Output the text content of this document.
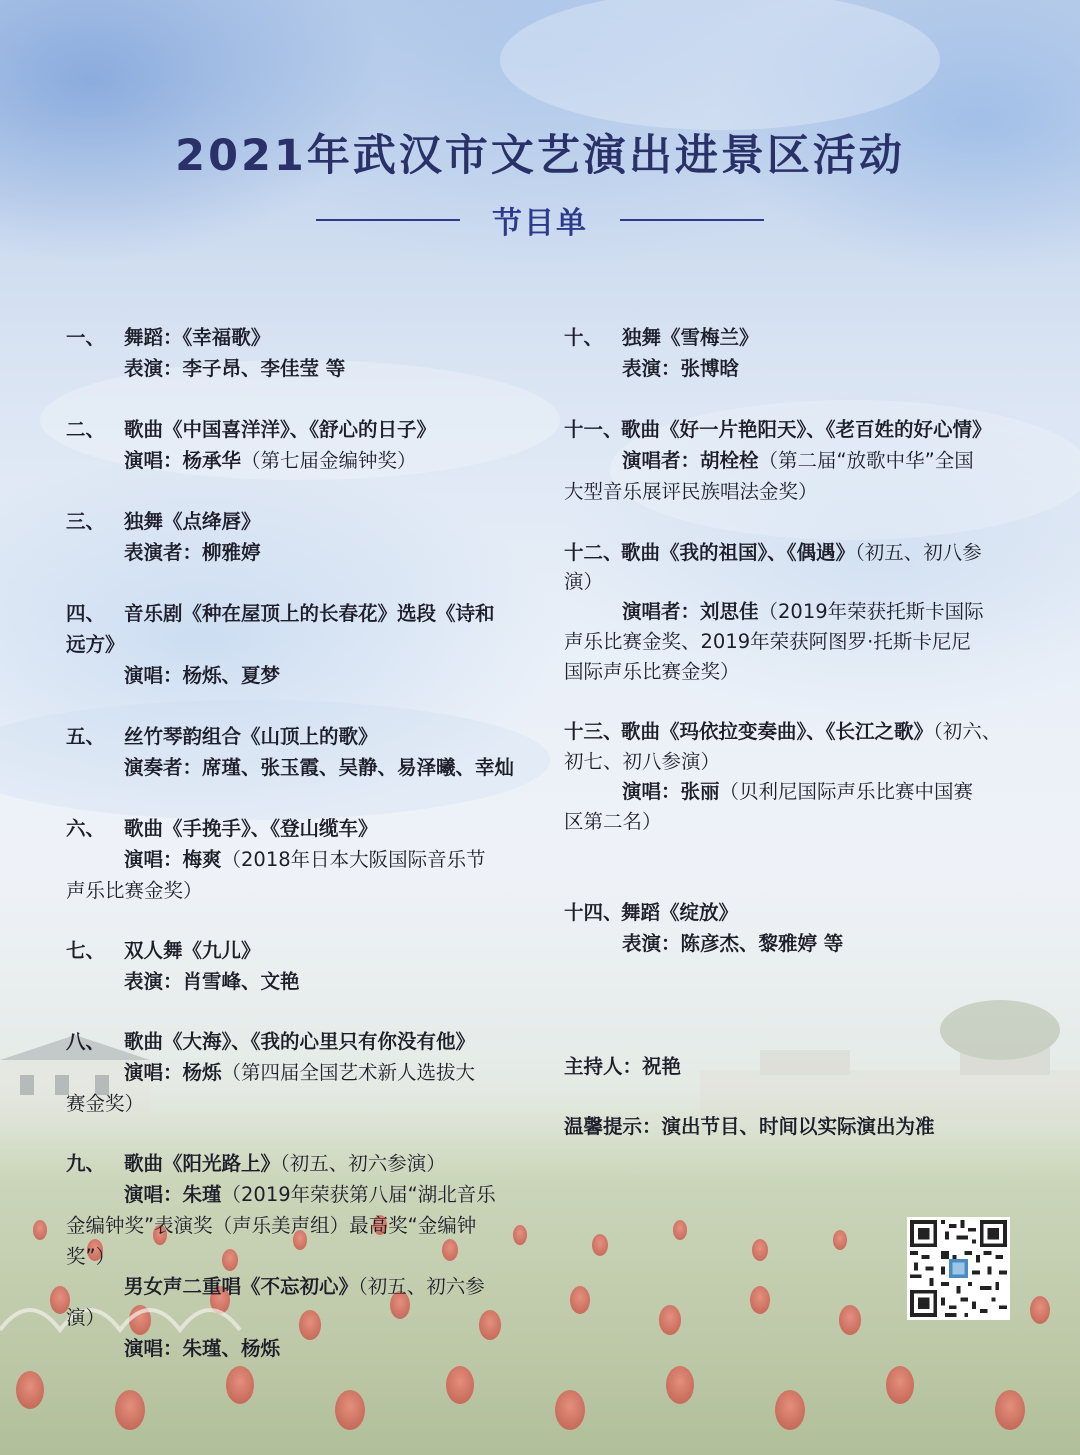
2021年武汉市文艺演出进景区活动
节目单
一、 舞蹈：《幸福歌》
表演：李子昂、李佳莹 等
二、 歌曲《中国喜洋洋》、《舒心的日子》
演唱：杨承华（第七届金编钟奖）
三、 独舞《点绛唇》
表演者：柳雅婷
四、 音乐剧《种在屋顶上的长春花》选段《诗和
远方》
演唱：杨烁、夏梦
五、 丝竹琴韵组合《山顶上的歌》
演奏者：席瑾、张玉霞、吴静、易泽曦、幸灿
六、 歌曲《手挽手》、《登山缆车》
演唱：梅爽（2018年日本大阪国际音乐节
声乐比赛金奖）
七、 双人舞《九儿》
表演：肖雪峰、文艳
八、 歌曲《大海》、《我的心里只有你没有他》
演唱：杨烁（第四届全国艺术新人选拔大
赛金奖）
九、 歌曲《阳光路上》（初五、初六参演）
演唱：朱瑾（2019年荣获第八届“湖北音乐
金编钟奖”表演奖（声乐美声组）最高奖“金编钟
奖”）
男女声二重唱《不忘初心》（初五、初六参
演）
演唱：朱瑾、杨烁
十、 独舞《雪梅兰》
表演：张博晗
十一、
歌曲《好一片艳阳天》、《老百姓的好心情》
演唱者：胡栓栓（第二届“放歌中华”全国
大型音乐展评民族唱法金奖）
十二、
歌曲《我的祖国》、《偶遇》（初五、初八参
演）
演唱者：刘思佳（2019年荣获托斯卡国际
声乐比赛金奖、2019年荣获阿图罗·托斯卡尼尼
国际声乐比赛金奖）
十三、
歌曲《玛依拉变奏曲》、《长江之歌》（初六、
初七、初八参演）
演唱：张丽（贝利尼国际声乐比赛中国赛
区第二名）
十四、
舞蹈《绽放》
表演：陈彦杰、黎雅婷 等
主持人：祝艳
温馨提示：演出节目、时间以实际演出为准
